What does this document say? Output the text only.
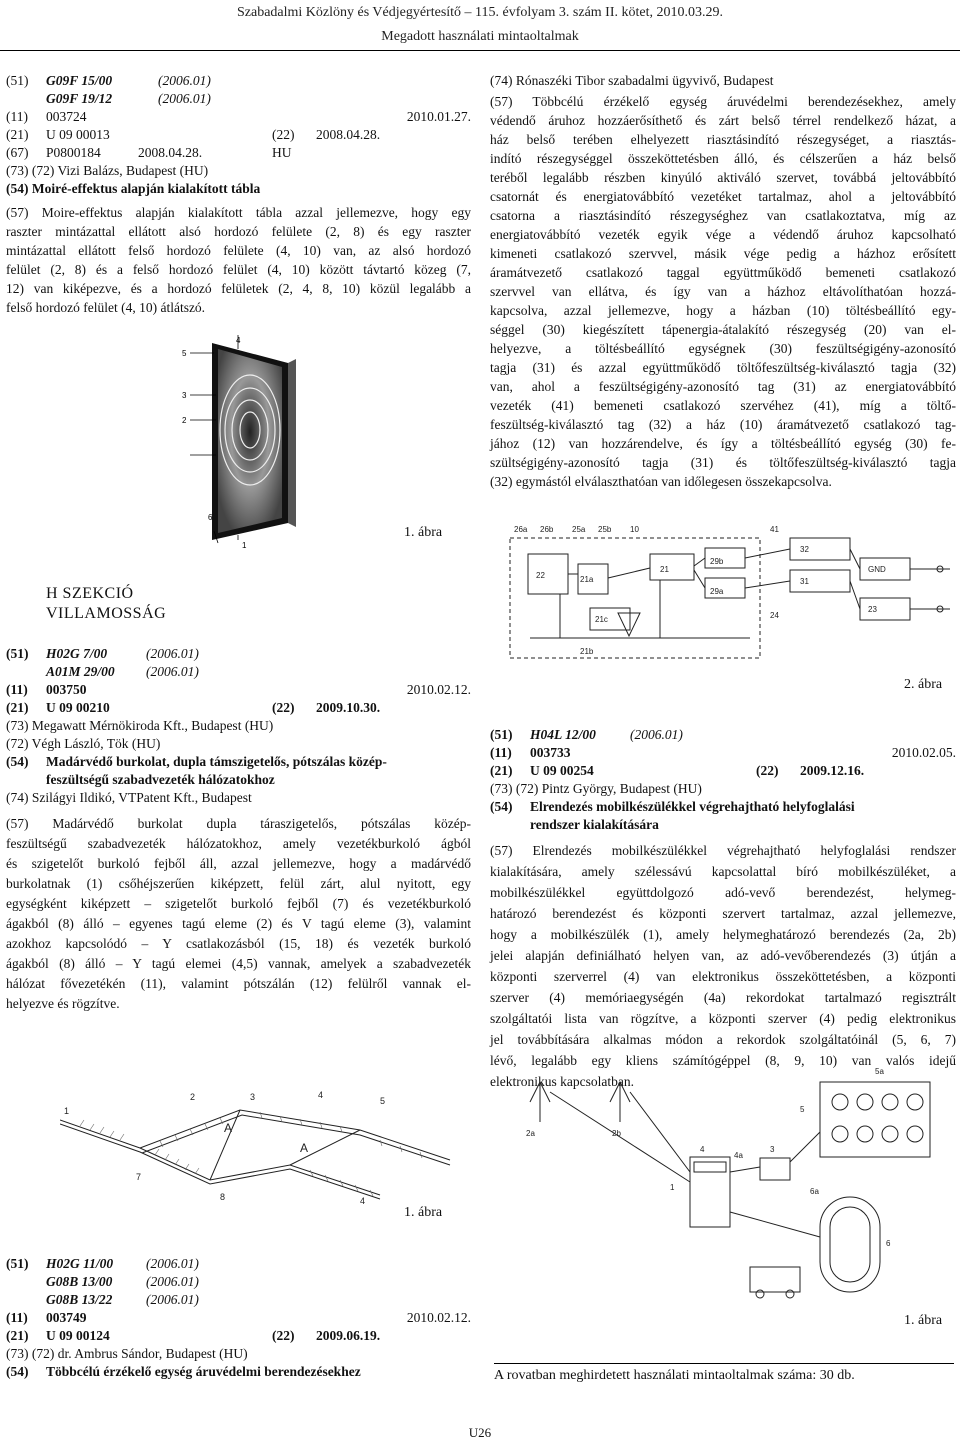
Szabadalmi Közlöny és Védjegyértesítő – 115. évfolyam 3. szám II. kötet, 2010.03.29.
Megadott használati mintaoltalmak
(51) G09F 15/00	(2006.01)
G09F 19/12	(2006.01)
(11) 003724	2010.01.27.
(21) U 09 00013	(22) 2008.04.28.
(67) P0800184	2008.04.28.	HU
(73) (72) Vizi Balázs, Budapest (HU)
(54) Moiré-effektus alapján kialakított tábla
(57) Moire-effektus alapján kialakított tábla azzal jellemezve, hogy egy
raszter mintázattal ellátott alsó hordozó felülete (2, 8) és egy raszter
mintázattal ellátott felső hordozó felülete (4, 10) van, az alsó hordozó
felület (2, 8) és a felső hordozó felület (4, 10) között távtartó közeg (7,
12) van kiképezve, és a hordozó felületek (2, 4, 8, 10) közül legalább a
felső hordozó felület (4, 10) átlátszó.
4
5
3
2
1
6
1. ábra
H SZEKCIÓ
VILLAMOSSÁG
(51) H02G 7/00	(2006.01)
A01M 29/00 (2006.01)
(11) 003750	2010.02.12.
(21) U 09 00210	(22) 2009.10.30.
(73) Megawatt Mérnökiroda Kft., Budapest (HU)
(72) Végh László, Tök (HU)
(54) Madárvédő burkolat, dupla támszigetelős, pótszálas közép-
feszültségű szabadvezeték hálózatokhoz
(74) Szilágyi Ildikó, VTPatent Kft., Budapest
(57) Madárvédő burkolat dupla táraszigetelős, pótszálas közép-
feszültségű szabadvezeték hálózatokhoz, amely vezetékburkoló ágból
és szigetelőt burkoló fejből áll, azzal jellemezve, hogy a madárvédő
burkolatnak (1) csőhéjszerűen kiképzett, felül zárt, alul nyitott, egy
egységként kiképzett – szigetelőt burkoló fejből (7) és vezetékburkoló
ágakból (8) álló – egyenes tagú eleme (2) és V tagú eleme (3), valamint
azokhoz kapcsolódó – Y csatlakozásból (15, 18) és vezeték burkoló
ágakból (8) álló – Y tagú elemei (4,5) vannak, amelyek a szabadvezeték
hálózat fővezetékén (11), valamint pótszálán (12) felülről vannak el-
helyezve és rögzítve.
1
2	3	4
5
7
8
A
A
4
1. ábra
(51) H02G 11/00 (2006.01)
G08B 13/00 (2006.01)
G08B 13/22 (2006.01)
(11) 003749	2010.02.12.
(21) U 09 00124	(22) 2009.06.19.
(73) (72) dr. Ambrus Sándor, Budapest (HU)
(54) Többcélú érzékelő egység áruvédelmi berendezésekhez
(74) Rónaszéki Tibor szabadalmi ügyvivő, Budapest
(57) Többcélú érzékelő egység áruvédelmi berendezésekhez, amely
védendő áruhoz hozzáerősíthető és zárt belső térrel rendelkező házat, a
ház belső terében elhelyezett riasztásindító részegységet, a riasztás-
indító részegységgel összeköttetésben álló, és célszerűen a ház belső
teréből legalább részben kinyúló aktiváló szervet, továbbá jeltovábbító
csatornát és energiatovábbító vezetéket tartalmaz, ahol a jeltovábbító
csatorna a riasztásindító részegységhez van csatlakoztatva, míg az
energiatovábbító vezeték egyik vége a védendő áruhoz kapcsolható
kimeneti csatlakozó szervvel, másik vége pedig a házhoz erősített
áramátvezető csatlakozó taggal együttműködő bemeneti csatlakozó
szervvel van ellátva, és így van a házhoz eltávolíthatóan hozzá-
kapcsolva, azzal jellemezve, hogy a házban (10) töltésbeállító egy-
séggel (30) kiegészített tápenergia-átalakító részegység (20) van el-
helyezve, a töltésbeállító egységnek (30) feszültségigény-azonosító
tagja (31) és azzal együttműködő töltőfeszültség-kiválasztó tagja (32)
van, ahol a feszültségigény-azonosító tag (31) az energiatovábbító
vezeték (41) bemeneti csatlakozó szervéhez (41), míg a töltő-
feszültség-kiválasztó tag (32) a ház (10) áramátvezető csatlakozó tag-
jához (12) van hozzárendelve, és így a töltésbeállító egység (30) fe-
szültségigény-azonosító tagja (31) és töltőfeszültség-kiválasztó tagja
(32) egymástól elválaszthatóan van időlegesen összekapcsolva.
26a 26b 25a 25b 10	41
29b
29a
21a
21c
21b
32
GND
31
21
22
23
24
2. ábra
(51) H04L 12/00	(2006.01)
(11) 003733	2010.02.05.
(21) U 09 00254	(22) 2009.12.16.
(73) (72) Pintz György, Budapest (HU)
(54) Elrendezés mobilkészülékkel végrehajtható helyfoglalási
rendszer kialakítására
(57) Elrendezés mobilkészülékkel végrehajtható helyfoglalási rendszer
kialakítására, amely szélessávú kapcsolattal bíró mobilkészüléket, a
mobilkészülékkel együttdolgozó adó-vevő berendezést, helymeg-
határozó berendezést és központi szervert tartalmaz, azzal jellemezve,
hogy a mobilkészülék (1), amely helymeghatározó berendezés (2a, 2b)
jelei alapján definiálható helyen van, az adó-vevőberendezés (3) útján a
központi szerverrel (4) van elektronikus összeköttetésben, a központi
szerver (4) memóriaegységén (4a) rekordokat tartalmazó regisztrált
szolgáltatói lista van rögzítve, a központi szerver (4) pedig elektronikus
jel továbbítására alkalmas módon a rekordok szolgáltatóinál (5, 6, 7)
lévő, legalább egy kliens számítógéppel (8, 9, 10) van valós idejű
elektronikus kapcsolatban.
5a
5
4
4a
2a	2b
3
1	6a
6
1. ábra
A rovatban meghirdetett használati mintaoltalmak száma: 30 db.
U26
